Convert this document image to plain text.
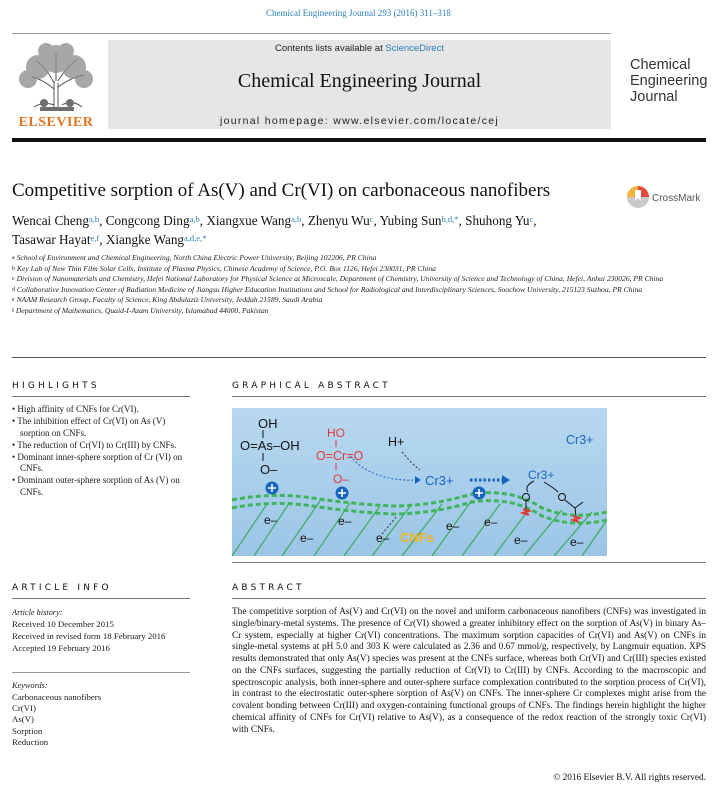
Chemical Engineering Journal 293 (2016) 311–318
ELSEVIER
Contents lists available at ScienceDirect
Chemical Engineering Journal
journal homepage: www.elsevier.com/locate/cej
Chemical
Engineering
Journal
Competitive sorption of As(V) and Cr(VI) on carbonaceous nanofibers	CrossMark
Wencai Cheng$^{a,b}$, Congcong Ding$^{a,b}$, Xiangxue Wang$^{a,b}$, Zhenyu Wu$^c$, Yubing Sun$^{b,d,*}$, Shuhong Yu$^c$,
Tasawar Hayat$^{e,f}$, Xiangke Wang$^{a,d,e,*}$
$^a$ School of Environment and Chemical Engineering, North China Electric Power University, Beijing 102206, PR China
$^b$ Key Lab of New Thin Film Solar Cells, Institute of Plasma Physics, Chinese Academy of Science, P.O. Box 1126, Hefei 230031, PR China
$^c$ Division of Nanomaterials and Chemistry, Hefei National Laboratory for Physical Science at Microscale, Department of Chemistry, University of Science and Technology of China, Hefei, Anhui 230026, PR China
$^d$ Collaborative Innovation Center of Radiation Medicine of Jiangsu Higher Education Institutions and School for Radiological and Interdisciplinary Sciences, Soochow University, 215123 Suzhou, PR China
$^e$ NAAM Research Group, Faculty of Science, King Abdulaziz University, Jeddah 21589, Saudi Arabia
$^f$ Department of Mathematics, Quaid-I-Azam University, Islamabad 44000, Pakistan
HIGHLIGHTS
• High affinity of CNFs for Cr(VI).
• The inhibition effect of Cr(VI) on As (V) sorption on CNFs.
• The reduction of Cr(VI) to Cr(III) by CNFs.
• Dominant inner-sphere sorption of Cr (VI) on CNFs.
• Dominant outer-sphere sorption of As (V) on CNFs.
GRAPHICAL ABSTRACT
OH
O=As–OH
O–
HO
O=Cr=O
O–
H+
Cr3+
Cr3+
Cr3+
e–	e–
e–	e–
e– e–
e–	e–
CNFs
ARTICLE INFO
Article history:
Received 10 December 2015
Received in revised form 18 February 2016
Accepted 19 February 2016
Keywords:
Carbonaceous nanofibers
Cr(VI)
As(V)
Sorption
Reduction
ABSTRACT
The competitive sorption of As(V) and Cr(VI) on the novel and uniform carbonaceous nanofibers (CNFs) was investigated in single/binary-metal systems. The presence of Cr(VI) showed a greater inhibitory effect on the sorption of As(V) in binary As–Cr system, especially at higher Cr(VI) concentrations. The maximum sorption capacities of Cr(VI) and As(V) on CNFs in single-metal systems at pH 5.0 and 303 K were calculated as 2.36 and 0.67 mmol/g, respectively, by Langmuir equation. XPS results demonstrated that only As(V) species was present at the CNFs surface, whereas both Cr(VI) and Cr(III) species existed on the CNFs surfaces, suggesting the partially reduction of Cr(VI) to Cr(III) by CNFs. According to the macroscopic and spectroscopic analysis, both inner-sphere and outer-sphere surface complexation contributed to the sorption process of Cr(VI), in contrast to the electrostatic outer-sphere sorption of As(V) on CNFs. The inner-sphere Cr complexes might arise from the covalent bonding between Cr(III) and oxygen-containing functional groups of CNFs. The findings herein highlight the higher chemical affinity of CNFs for Cr(VI) relative to As(V), as a consequence of the redox reaction of the strongly toxic Cr(VI) with CNFs.
© 2016 Elsevier B.V. All rights reserved.
